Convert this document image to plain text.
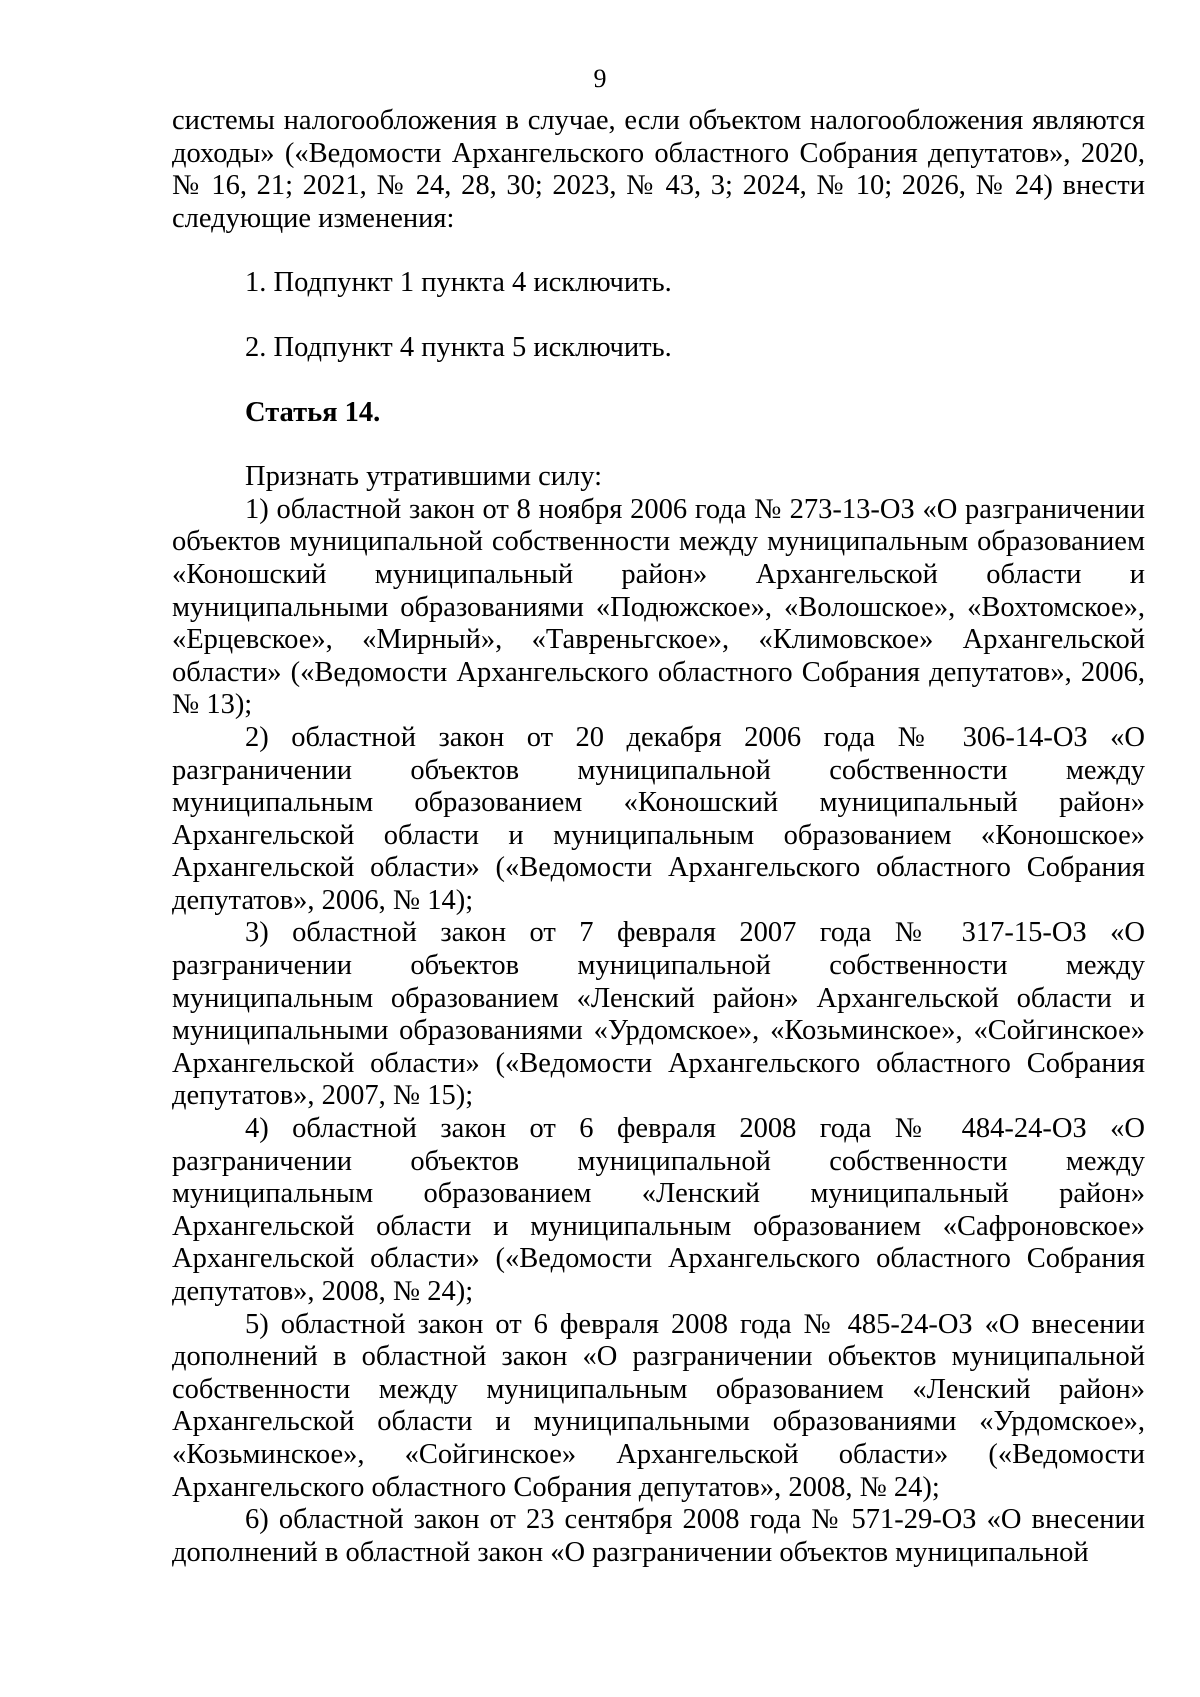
9

системы налогообложения в случае, если объектом налогообложения являются доходы» («Ведомости Архангельского областного Собрания депутатов», 2020, № 16, 21; 2021, № 24, 28, 30; 2023, № 43, 3; 2024, № 10; 2026, № 24) внести следующие изменения:

1. Подпункт 1 пункта 4 исключить.

2. Подпункт 4 пункта 5 исключить.

Статья 14.

Признать утратившими силу:

1) областной закон от 8 ноября 2006 года № 273-13-ОЗ «О разграничении объектов муниципальной собственности между муниципальным образованием «Коношский муниципальный район» Архангельской области и муниципальными образованиями «Подюжское», «Волошское», «Вохтомское», «Ерцевское», «Мирный», «Тавреньгское», «Климовское» Архангельской области» («Ведомости Архангельского областного Собрания депутатов», 2006, № 13);

2) областной закон от 20 декабря 2006 года № 306-14-ОЗ «О разграничении объектов муниципальной собственности между муниципальным образованием «Коношский муниципальный район» Архангельской области и муниципальным образованием «Коношское» Архангельской области» («Ведомости Архангельского областного Собрания депутатов», 2006, № 14);

3) областной закон от 7 февраля 2007 года № 317-15-ОЗ «О разграничении объектов муниципальной собственности между муниципальным образованием «Ленский район» Архангельской области и муниципальными образованиями «Урдомское», «Козьминское», «Сойгинское» Архангельской области» («Ведомости Архангельского областного Собрания депутатов», 2007, № 15);

4) областной закон от 6 февраля 2008 года № 484-24-ОЗ «О разграничении объектов муниципальной собственности между муниципальным образованием «Ленский муниципальный район» Архангельской области и муниципальным образованием «Сафроновское» Архангельской области» («Ведомости Архангельского областного Собрания депутатов», 2008, № 24);

5) областной закон от 6 февраля 2008 года № 485-24-ОЗ «О внесении дополнений в областной закон «О разграничении объектов муниципальной собственности между муниципальным образованием «Ленский район» Архангельской области и муниципальными образованиями «Урдомское», «Козьминское», «Сойгинское» Архангельской области» («Ведомости Архангельского областного Собрания депутатов», 2008, № 24);

6) областной закон от 23 сентября 2008 года № 571-29-ОЗ «О внесении дополнений в областной закон «О разграничении объектов муниципальной
